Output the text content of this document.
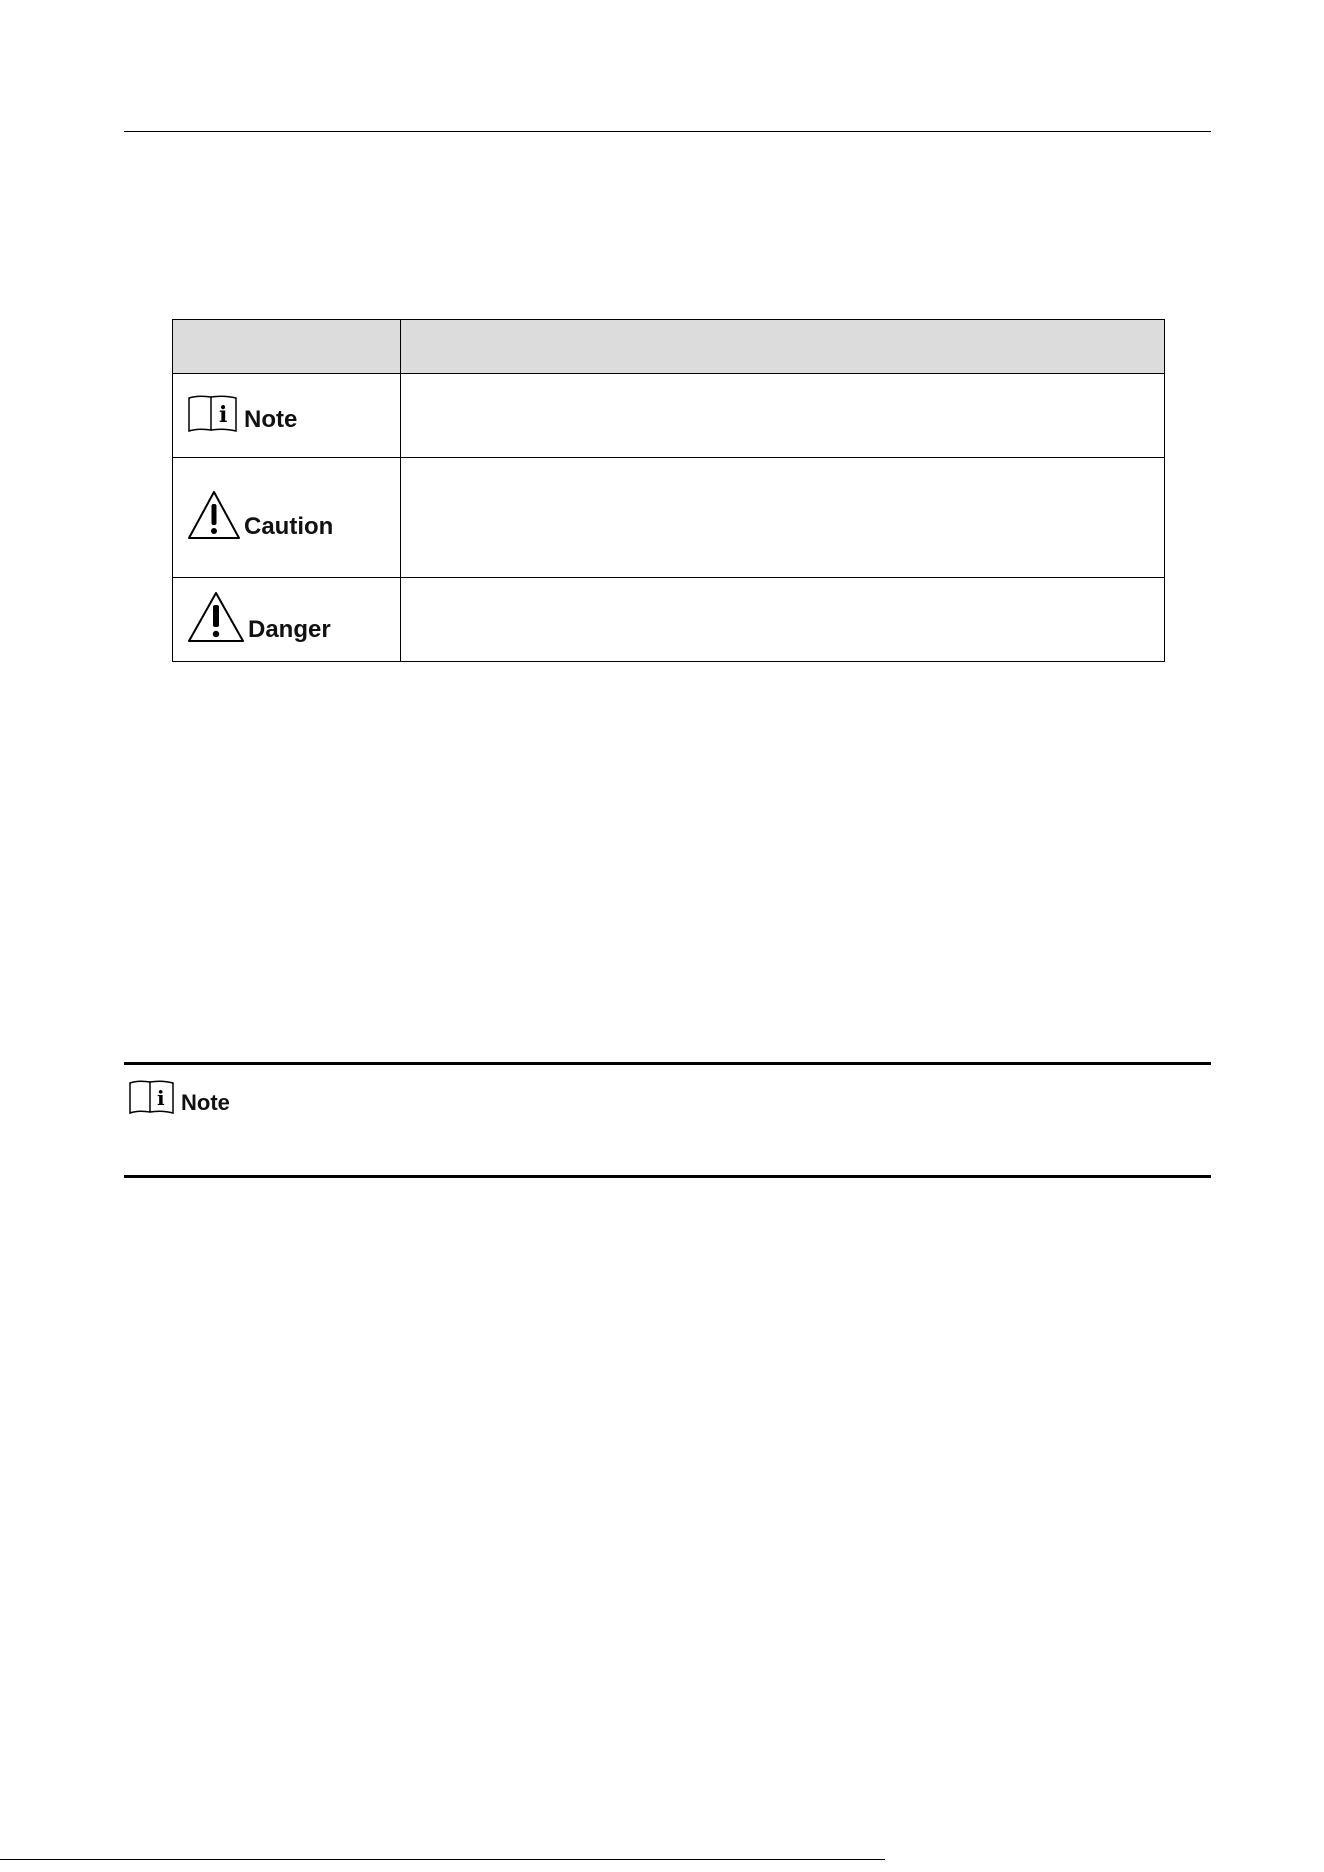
i Note	

Caution	

Danger	

i Note
